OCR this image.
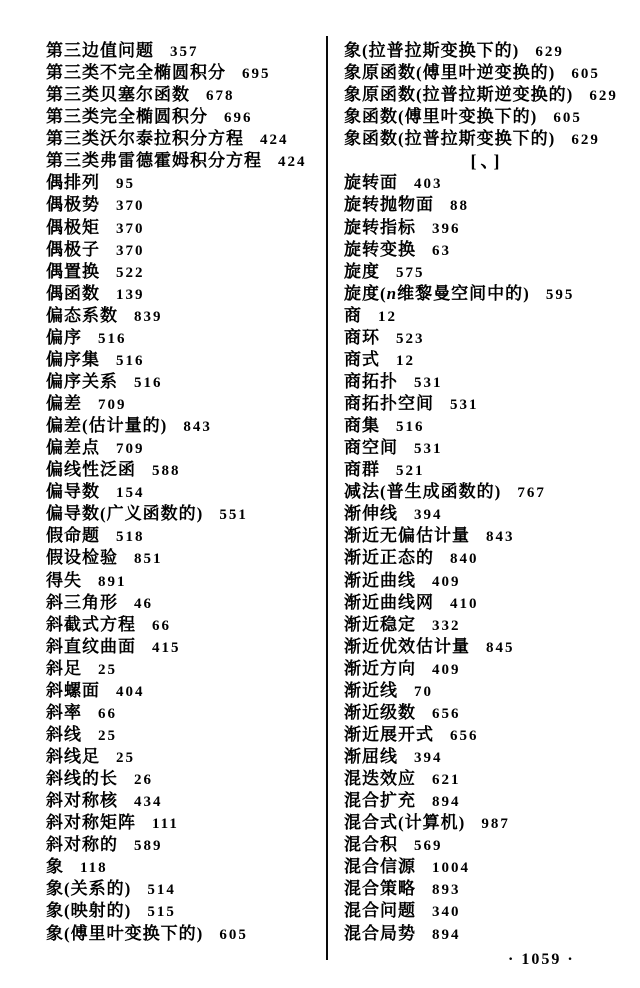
第三边值问题 357
第三类不完全椭圆积分 695
第三类贝塞尔函数 678
第三类完全椭圆积分 696
第三类沃尔泰拉积分方程 424
第三类弗雷德霍姆积分方程 424
偶排列 95
偶极势 370
偶极矩 370
偶极子 370
偶置换 522
偶函数 139
偏态系数 839
偏序 516
偏序集 516
偏序关系 516
偏差 709
偏差(估计量的) 843
偏差点 709
偏线性泛函 588
偏导数 154
偏导数(广义函数的) 551
假命题 518
假设检验 851
得失 891
斜三角形 46
斜截式方程 66
斜直纹曲面 415
斜足 25
斜螺面 404
斜率 66
斜线 25
斜线足 25
斜线的长 26
斜对称核 434
斜对称矩阵 111
斜对称的 589
象 118
象(关系的) 514
象(映射的) 515
象(傅里叶变换下的) 605
象(拉普拉斯变换下的) 629
象原函数(傅里叶逆变换的) 605
象原函数(拉普拉斯逆变换的) 629
象函数(傅里叶变换下的) 605
象函数(拉普拉斯变换下的) 629
[、]
旋转面 403
旋转抛物面 88
旋转指标 396
旋转变换 63
旋度 575
旋度(n维黎曼空间中的) 595
商 12
商环 523
商式 12
商拓扑 531
商拓扑空间 531
商集 516
商空间 531
商群 521
减法(普生成函数的) 767
渐伸线 394
渐近无偏估计量 843
渐近正态的 840
渐近曲线 409
渐近曲线网 410
渐近稳定 332
渐近优效估计量 845
渐近方向 409
渐近线 70
渐近级数 656
渐近展开式 656
渐屈线 394
混迭效应 621
混合扩充 894
混合式(计算机) 987
混合积 569
混合信源 1004
混合策略 893
混合问题 340
混合局势 894
· 1059 ·
